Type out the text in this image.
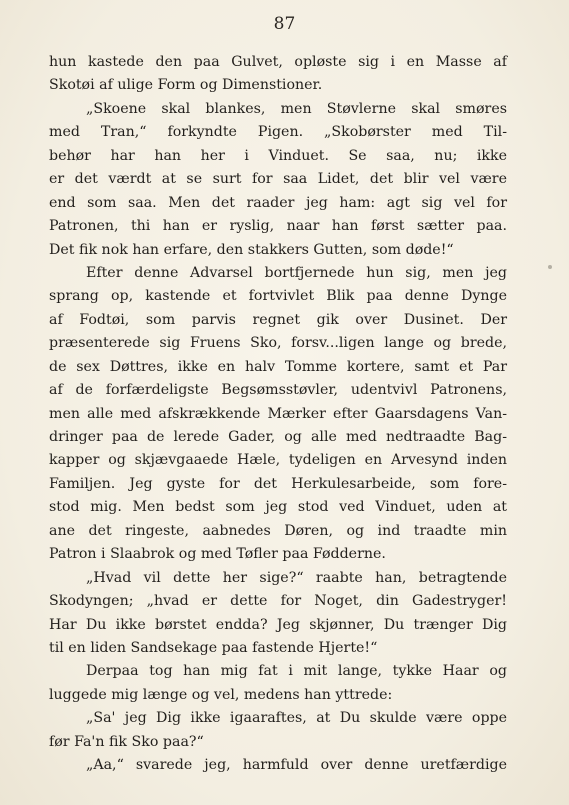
87
hun kastede den paa Gulvet, opløste sig i en Masse af
Skotøi af ulige Form og Dimenstioner.
„Skoene skal blankes, men Støvlerne skal smøres
med Tran,“ forkyndte Pigen. „Skobørster med Til-
behør har han her i Vinduet. Se saa, nu; ikke
er det værdt at se surt for saa Lidet, det blir vel være
end som saa. Men det raader jeg ham: agt sig vel for
Patronen, thi han er ryslig, naar han først sætter paa.
Det fik nok han erfare, den stakkers Gutten, som døde!“
Efter denne Advarsel bortfjernede hun sig, men jeg
sprang op, kastende et fortvivlet Blik paa denne Dynge
af Fodtøi, som parvis regnet gik over Dusinet. Der
præsenterede sig Fruens Sko, forsv...ligen lange og brede,
de sex Døttres, ikke en halv Tomme kortere, samt et Par
af de forfærdeligste Begsømsstøvler, udentvivl Patronens,
men alle med afskrækkende Mærker efter Gaarsdagens Van-
dringer paa de lerede Gader, og alle med nedtraadte Bag-
kapper og skjævgaaede Hæle, tydeligen en Arvesynd inden
Familjen. Jeg gyste for det Herkulesarbeide, som fore-
stod mig. Men bedst som jeg stod ved Vinduet, uden at
ane det ringeste, aabnedes Døren, og ind traadte min
Patron i Slaabrok og med Tøfler paa Fødderne.
„Hvad vil dette her sige?“ raabte han, betragtende
Skodyngen; „hvad er dette for Noget, din Gadestryger!
Har Du ikke børstet endda? Jeg skjønner, Du trænger Dig
til en liden Sandsekage paa fastende Hjerte!“
Derpaa tog han mig fat i mit lange, tykke Haar og
luggede mig længe og vel, medens han yttrede:
„Sa' jeg Dig ikke igaaraftes, at Du skulde være oppe
før Fa'n fik Sko paa?“
„Aa,“ svarede jeg, harmfuld over denne uretfærdige
